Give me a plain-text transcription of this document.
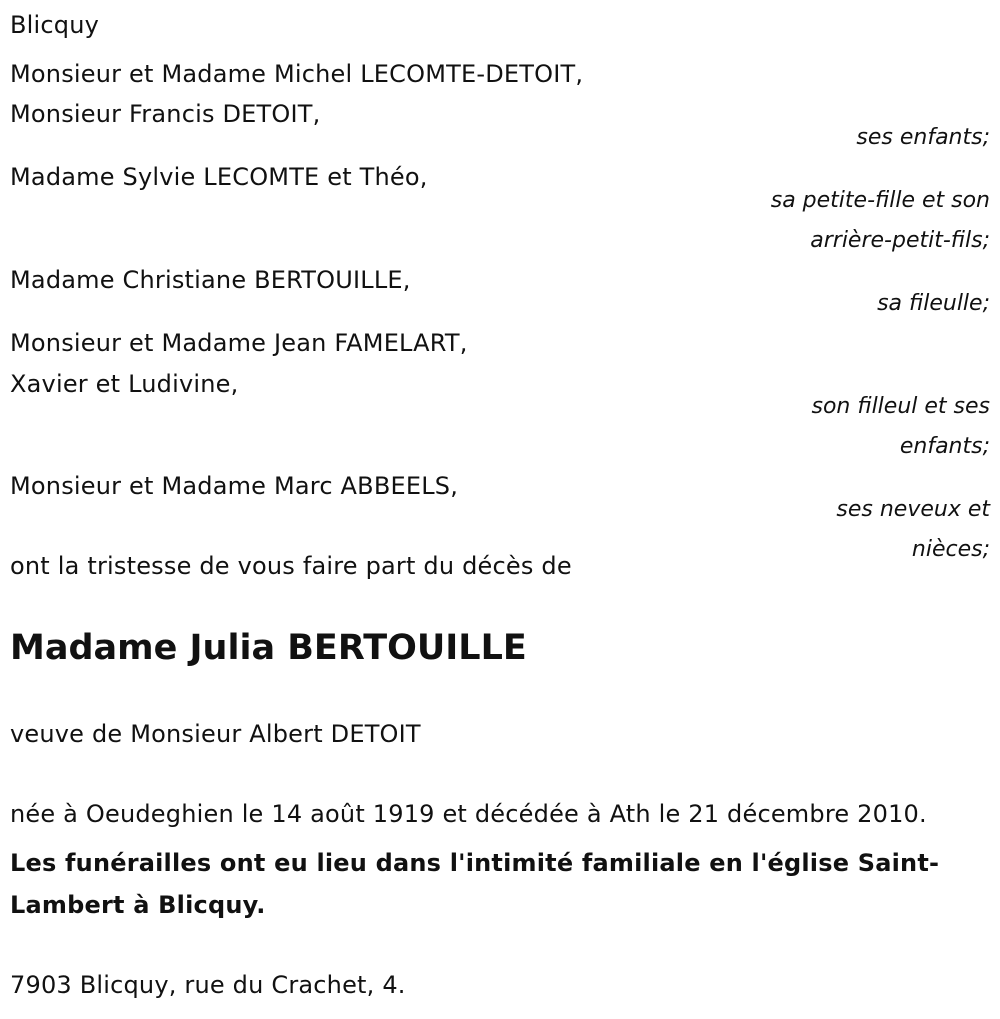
Blicquy
Monsieur et Madame Michel LECOMTE-DETOIT,
Monsieur Francis DETOIT,
ses enfants;
Madame Sylvie LECOMTE et Théo,
sa petite-fille et son
arrière-petit-fils;
Madame Christiane BERTOUILLE,
sa fileulle;
Monsieur et Madame Jean FAMELART,
Xavier et Ludivine,
son filleul et ses
enfants;
Monsieur et Madame Marc ABBEELS,
ses neveux et
nièces;
ont la tristesse de vous faire part du décès de
Madame Julia BERTOUILLE
veuve de Monsieur Albert DETOIT
née à Oeudeghien le 14 août 1919 et décédée à Ath le 21 décembre 2010.
Les funérailles ont eu lieu dans l'intimité familiale en l'église Saint-
Lambert à Blicquy.
7903 Blicquy, rue du Crachet, 4.
